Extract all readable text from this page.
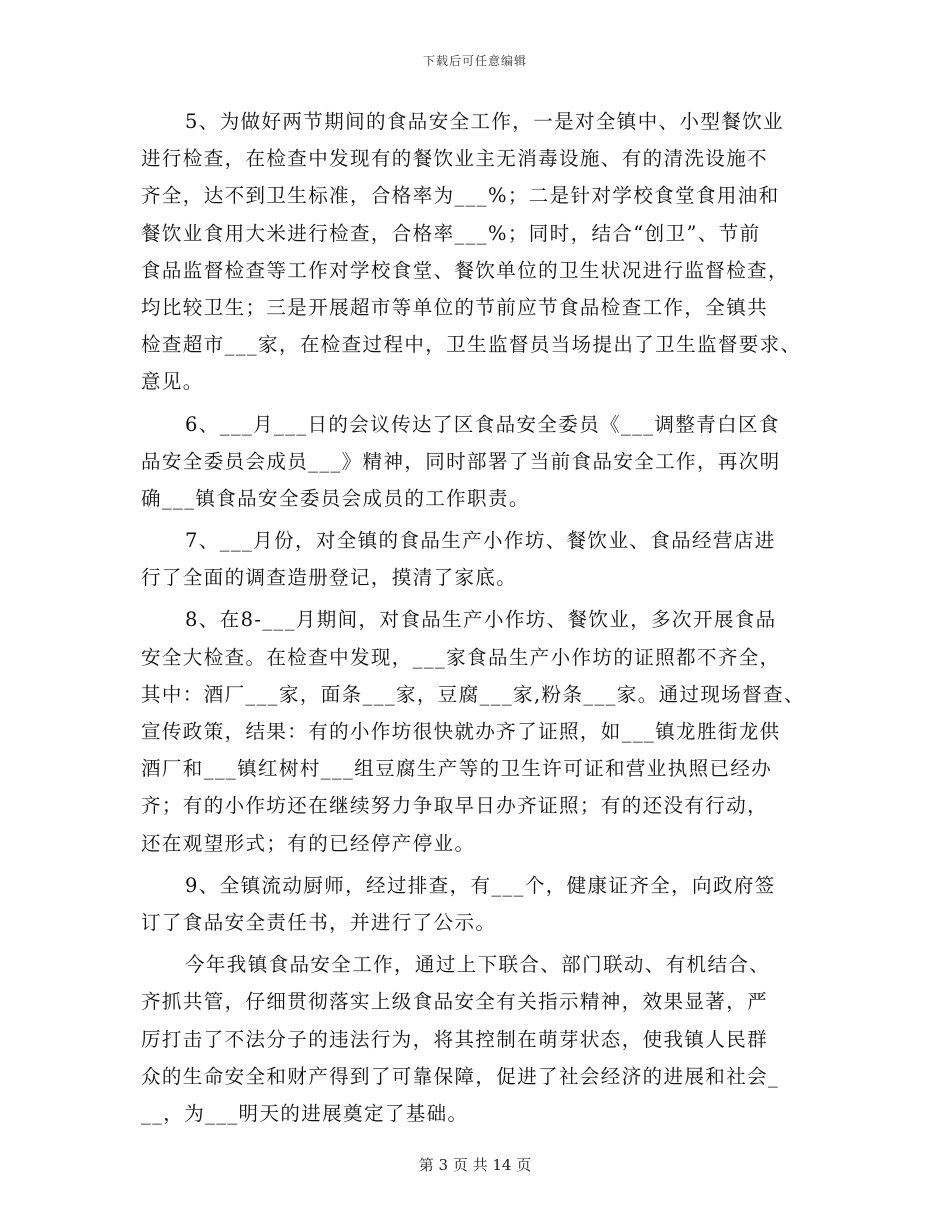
下载后可任意编辑
5、为做好两节期间的食品安全工作，一是对全镇中、小型餐饮业
进行检查，在检查中发现有的餐饮业主无消毒设施、有的清洗设施不
齐全，达不到卫生标准，合格率为___%；二是针对学校食堂食用油和
餐饮业食用大米进行检查，合格率___%；同时，结合“创卫”、节前
食品监督检查等工作对学校食堂、餐饮单位的卫生状况进行监督检查，
均比较卫生；三是开展超市等单位的节前应节食品检查工作，全镇共
检查超市___家，在检查过程中，卫生监督员当场提出了卫生监督要求、
意见。
6、___月___日的会议传达了区食品安全委员《___调整青白区食
品安全委员会成员___》精神，同时部署了当前食品安全工作，再次明
确___镇食品安全委员会成员的工作职责。
7、___月份，对全镇的食品生产小作坊、餐饮业、食品经营店进
行了全面的调查造册登记，摸清了家底。
8、在8-___月期间，对食品生产小作坊、餐饮业，多次开展食品
安全大检查。在检查中发现，___家食品生产小作坊的证照都不齐全，
其中：酒厂___家，面条___家，豆腐___家,粉条___家。通过现场督查、
宣传政策，结果：有的小作坊很快就办齐了证照，如___镇龙胜街龙供
酒厂和___镇红树村___组豆腐生产等的卫生许可证和营业执照已经办
齐；有的小作坊还在继续努力争取早日办齐证照；有的还没有行动，
还在观望形式；有的已经停产停业。
9、全镇流动厨师，经过排查，有___个，健康证齐全，向政府签
订了食品安全责任书，并进行了公示。
今年我镇食品安全工作，通过上下联合、部门联动、有机结合、
齐抓共管，仔细贯彻落实上级食品安全有关指示精神，效果显著，严
厉打击了不法分子的违法行为，将其控制在萌芽状态，使我镇人民群
众的生命安全和财产得到了可靠保障，促进了社会经济的进展和社会_
__，为___明天的进展奠定了基础。
第 3 页 共 14 页
